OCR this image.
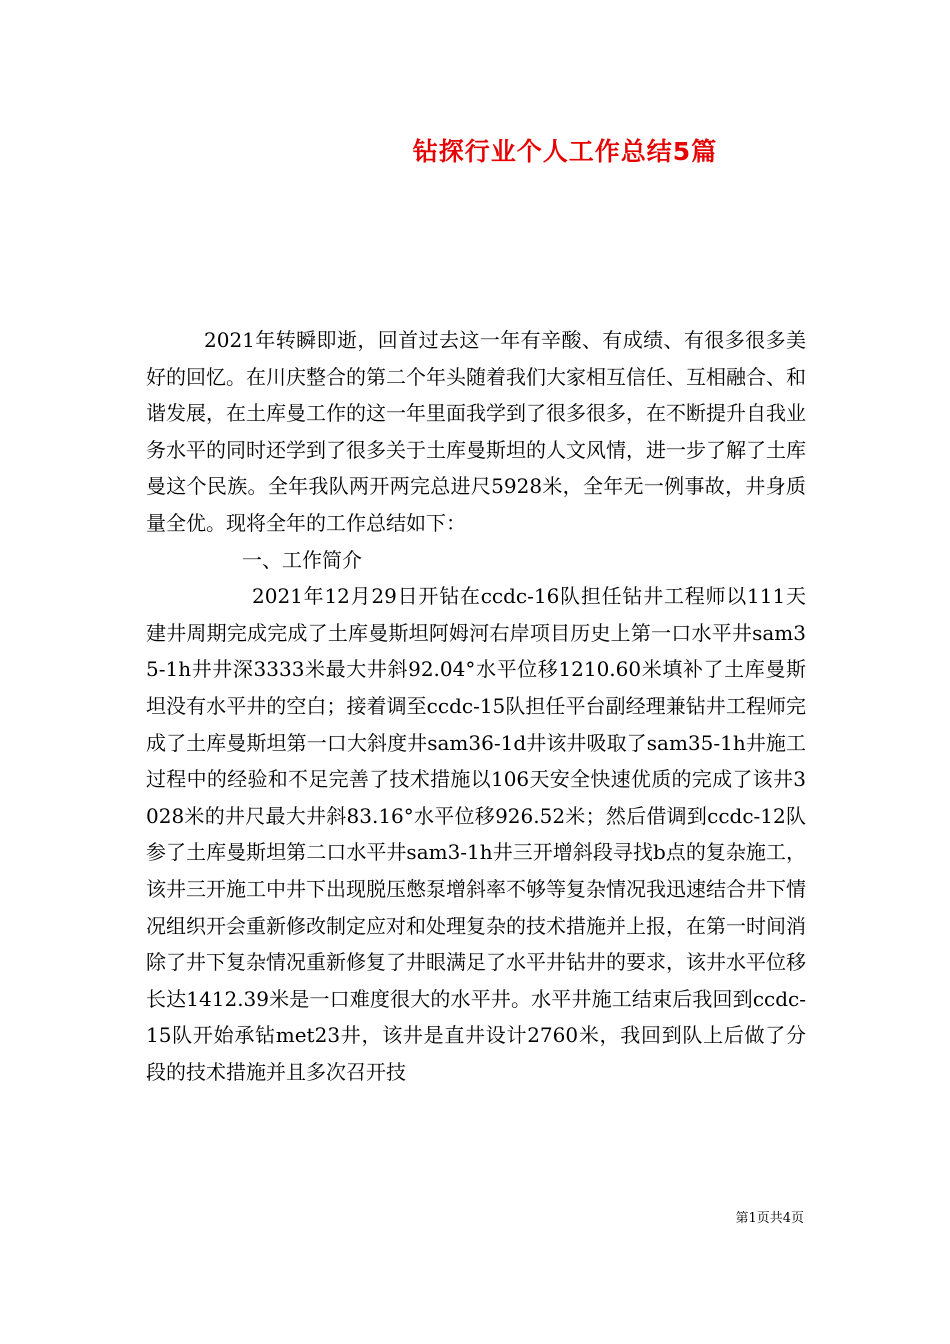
钻探行业个人工作总结5篇

2021年转瞬即逝，回首过去这一年有辛酸、有成绩、有很多很多美好的回忆。在川庆整合的第二个年头随着我们大家相互信任、互相融合、和谐发展，在土库曼工作的这一年里面我学到了很多很多，在不断提升自我业务水平的同时还学到了很多关于土库曼斯坦的人文风情，进一步了解了土库曼这个民族。全年我队两开两完总进尺5928米，全年无一例事故，井身质量全优。现将全年的工作总结如下：

一、工作简介

2021年12月29日开钻在ccdc-16队担任钻井工程师以111天建井周期完成完成了土库曼斯坦阿姆河右岸项目历史上第一口水平井sam35-1h井井深3333米最大井斜92.04°水平位移1210.60米填补了土库曼斯坦没有水平井的空白；接着调至ccdc-15队担任平台副经理兼钻井工程师完成了土库曼斯坦第一口大斜度井sam36-1d井该井吸取了sam35-1h井施工过程中的经验和不足完善了技术措施以106天安全快速优质的完成了该井3028米的井尺最大井斜83.16°水平位移926.52米；然后借调到ccdc-12队参了土库曼斯坦第二口水平井sam3-1h井三开增斜段寻找b点的复杂施工，该井三开施工中井下出现脱压憋泵增斜率不够等复杂情况我迅速结合井下情况组织开会重新修改制定应对和处理复杂的技术措施并上报，在第一时间消除了井下复杂情况重新修复了井眼满足了水平井钻井的要求，该井水平位移长达1412.39米是一口难度很大的水平井。水平井施工结束后我回到ccdc-15队开始承钻met23井，该井是直井设计2760米，我回到队上后做了分段的技术措施并且多次召开技

第1页共4页
